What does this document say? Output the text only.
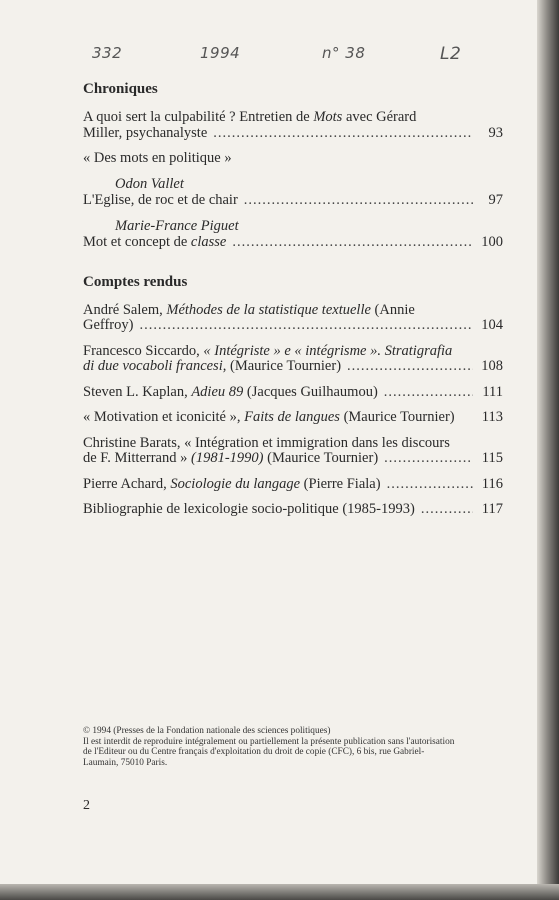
332	1994	n° 38	L2
Chroniques
A quoi sert la culpabilité ? Entretien de Mots avec Gérard
Miller, psychanalyste .....	93
« Des mots en politique »
Odon Vallet
L'Eglise, de roc et de chair .....	97
Marie-France Piguet
Mot et concept de classe .....	100
Comptes rendus
André Salem, Méthodes de la statistique textuelle (Annie
Geffroy) .....	104
Francesco Siccardo, « Intégriste » e « intégrisme ». Stratigrafia
di due vocaboli francesi, (Maurice Tournier) .....	108
Steven L. Kaplan, Adieu 89 (Jacques Guilhaumou) .....	111
« Motivation et iconicité », Faits de langues (Maurice Tournier) 113
Christine Barats, « Intégration et immigration dans les discours
de F. Mitterrand » (1981-1990) (Maurice Tournier) .....	115
Pierre Achard, Sociologie du langage (Pierre Fiala) .....	116
Bibliographie de lexicologie socio-politique (1985-1993) .....	117
© 1994 (Presses de la Fondation nationale des sciences politiques)
Il est interdit de reproduire intégralement ou partiellement la présente publication sans l'autorisation
de l'Editeur ou du Centre français d'exploitation du droit de copie (CFC), 6 bis, rue Gabriel-
Laumain, 75010 Paris.
2
